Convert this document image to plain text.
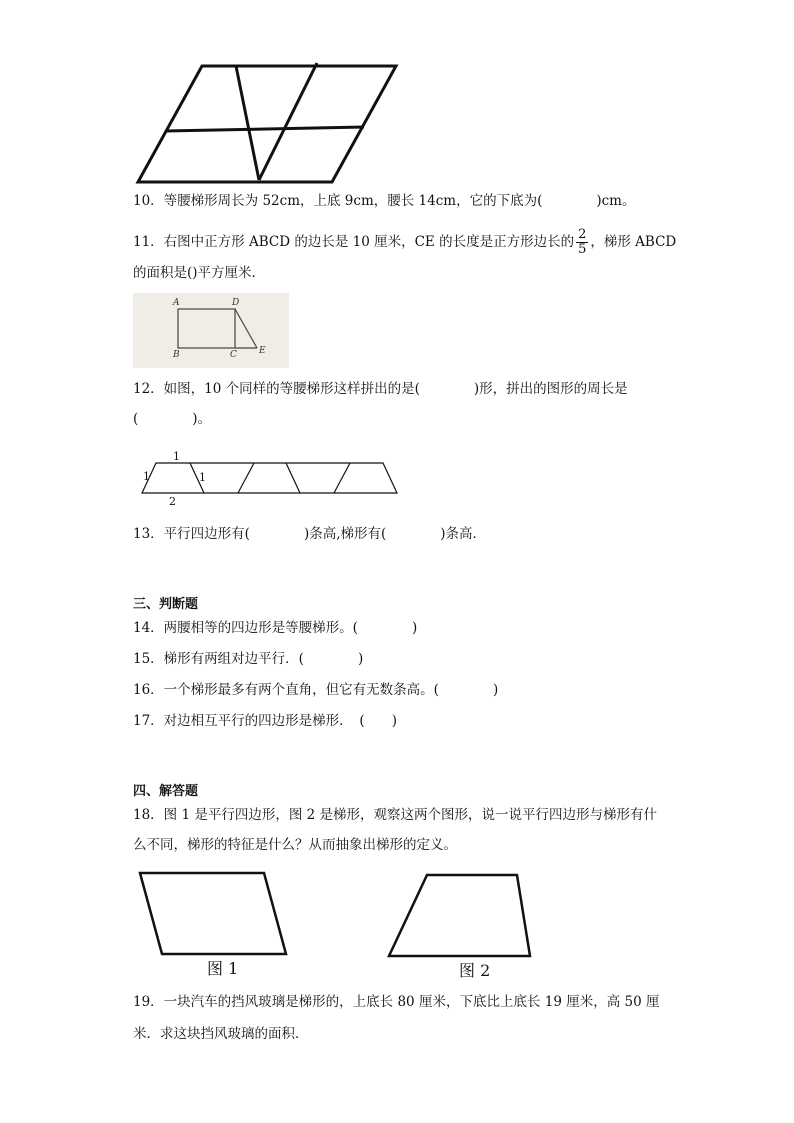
10．等腰梯形周长为 52cm，上底 9cm，腰长 14cm，它的下底为(　　　　)cm。
11．右图中正方形 ABCD 的边长是 10 厘米，CE 的长度是正方形边长的 $\frac{2}{5}$ ，梯形 ABCD
的面积是()平方厘米．
A	D
B	C E
12．如图，10 个同样的等腰梯形这样拼出的是(　　　　)形，拼出的图形的周长是
(　　　　)。
1
1	1
2
13．平行四边形有(　　　　)条高,梯形有(　　　　)条高．
三、判断题
14．两腰相等的四边形是等腰梯形。(　　　　)
15．梯形有两组对边平行．(　　　　)
16．一个梯形最多有两个直角，但它有无数条高。(　　　　)
17．对边相互平行的四边形是梯形．　(　　)
四、解答题
18．图 1 是平行四边形，图 2 是梯形，观察这两个图形，说一说平行四边形与梯形有什
么不同，梯形的特征是什么？从而抽象出梯形的定义。
图 1	图 2
19．一块汽车的挡风玻璃是梯形的，上底长 80 厘米，下底比上底长 19 厘米，高 50 厘
米．求这块挡风玻璃的面积．
